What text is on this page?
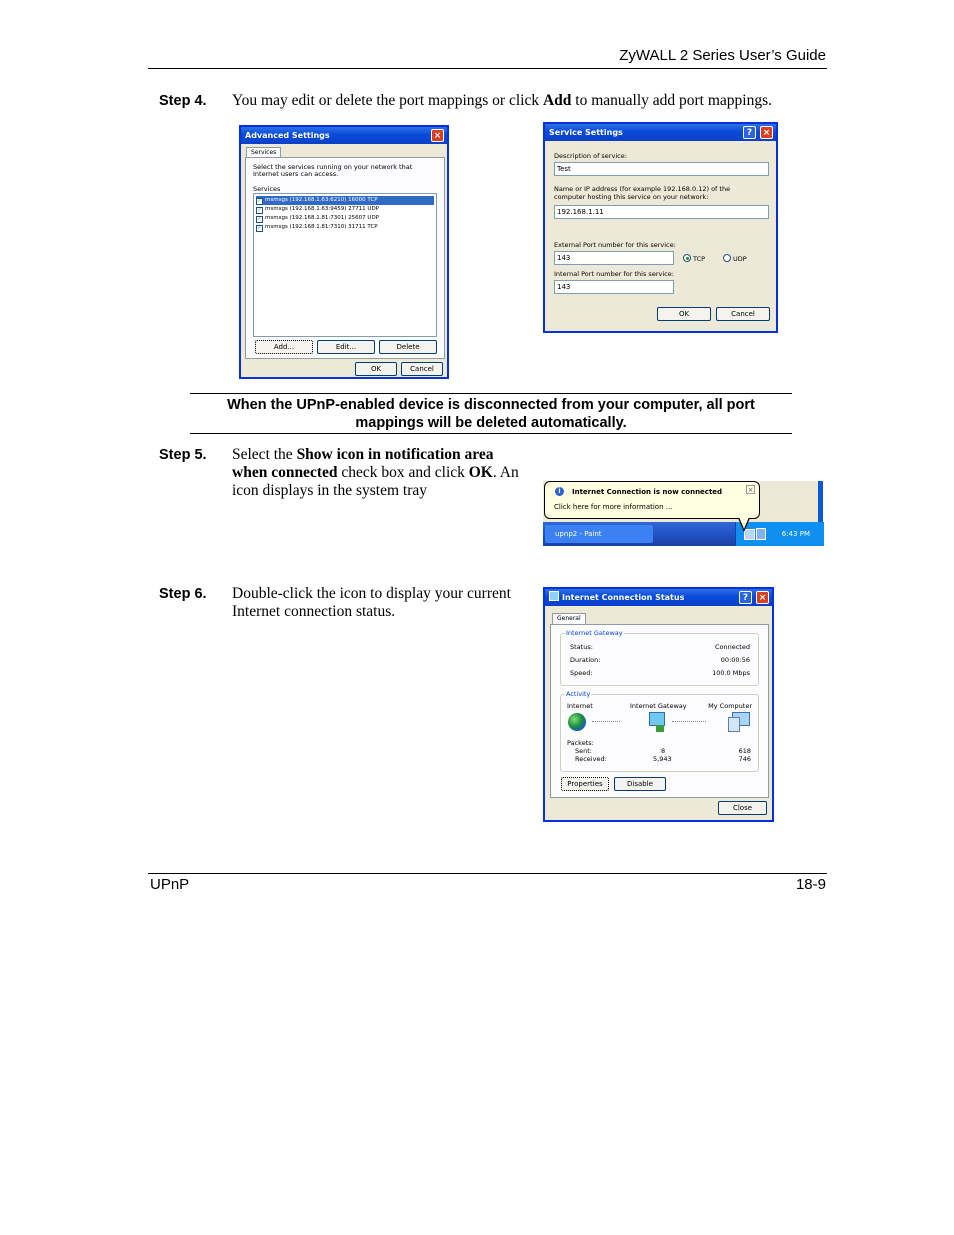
ZyWALL 2 Series User’s Guide
Step 4. You may edit or delete the port mappings or click Add to manually add port mappings.
Advanced Settings	×
Services
Select the services running on your network that Internet users can access.
Services
✓ msmsgs (192.168.1.63:6210) 16000 TCP
✓ msmsgs (192.168.1.63:9459) 27711 UDP
✓ msmsgs (192.168.1.81:7301) 25607 UDP
✓ msmsgs (192.168.1.81:7310) 31711 TCP
Add...	Edit...	Delete
OK	Cancel
Service Settings	?	×
Description of service:
Test
Name or IP address (for example 192.168.0.12) of the
computer hosting this service on your network:
192.168.1.11
External Port number for this service:
143	TCP	UDP
Internal Port number for this service:
143
OK	Cancel
When the UPnP-enabled device is disconnected from your computer, all port
mappings will be deleted automatically.
Step 5. Select the Show icon in notification area
when connected check box and click OK. An
icon displays in the system tray
upnp2 - Paint	6:43 PM
i	Internet Connection is now connected
Click here for more information ...
×
Step 6. Double-click the icon to display your current
Internet connection status.
Internet Connection Status	?	×
General
Internet Gateway
Status:	Connected
Duration:	00:00:56
Speed:	100.0 Mbps
Activity
Internet	Internet Gateway	My Computer
Packets:
Sent:	8	618
Received:	5,943	746
Properties	Disable
Close
UPnP	18-9
